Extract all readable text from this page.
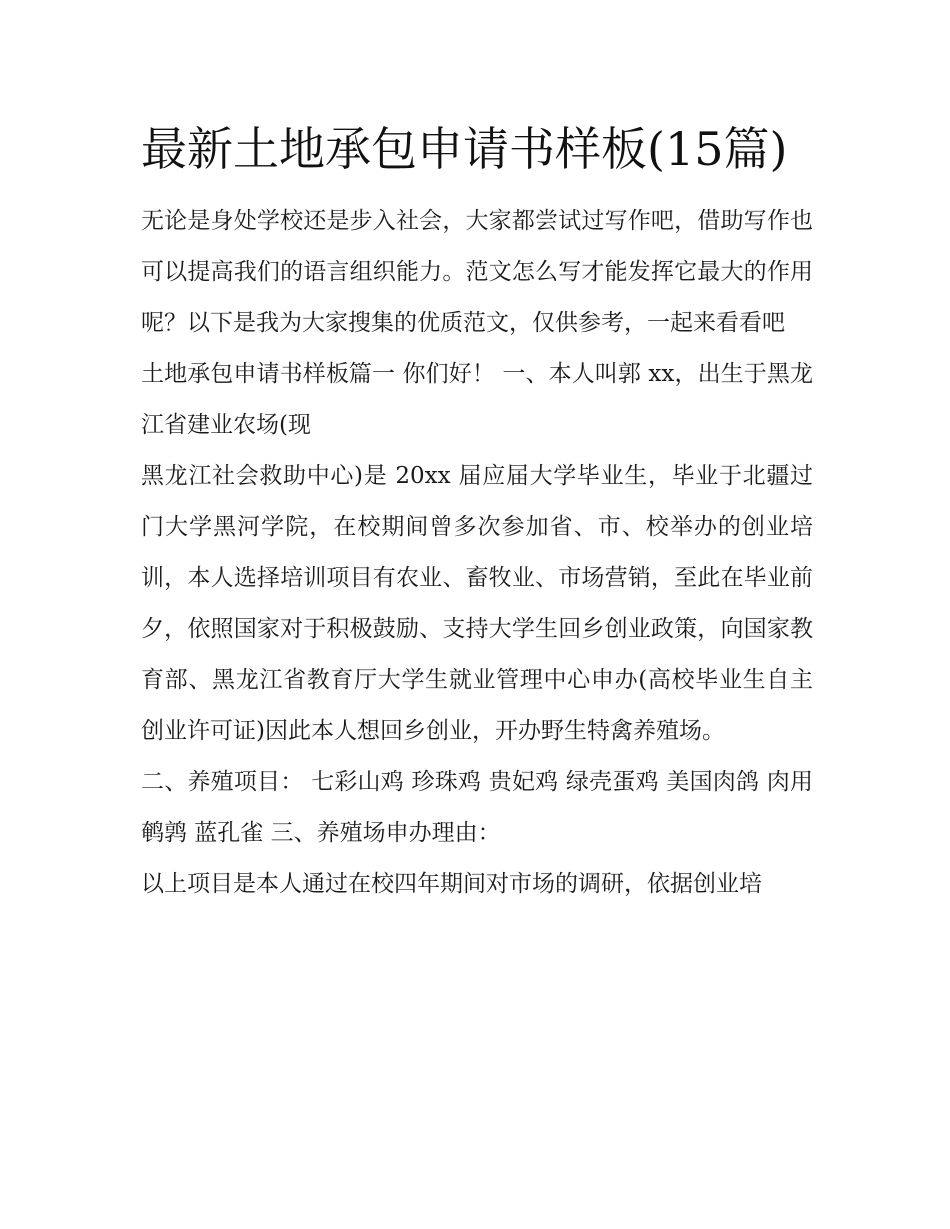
最新土地承包申请书样板(15篇)

无论是身处学校还是步入社会，大家都尝试过写作吧，借助写作也可以提高我们的语言组织能力。范文怎么写才能发挥它最大的作用呢？以下是我为大家搜集的优质范文，仅供参考，一起来看看吧

土地承包申请书样板篇一 你们好！ 一、本人叫郭 xx，出生于黑龙江省建业农场(现

黑龙江社会救助中心)是 20xx 届应届大学毕业生，毕业于北疆过门大学黑河学院，在校期间曾多次参加省、市、校举办的创业培训，本人选择培训项目有农业、畜牧业、市场营销，至此在毕业前夕，依照国家对于积极鼓励、支持大学生回乡创业政策，向国家教育部、黑龙江省教育厅大学生就业管理中心申办(高校毕业生自主创业许可证)因此本人想回乡创业，开办野生特禽养殖场。

二、养殖项目： 七彩山鸡 珍珠鸡 贵妃鸡 绿壳蛋鸡 美国肉鸽 肉用鹌鹑 蓝孔雀 三、养殖场申办理由：

以上项目是本人通过在校四年期间对市场的调研，依据创业培
